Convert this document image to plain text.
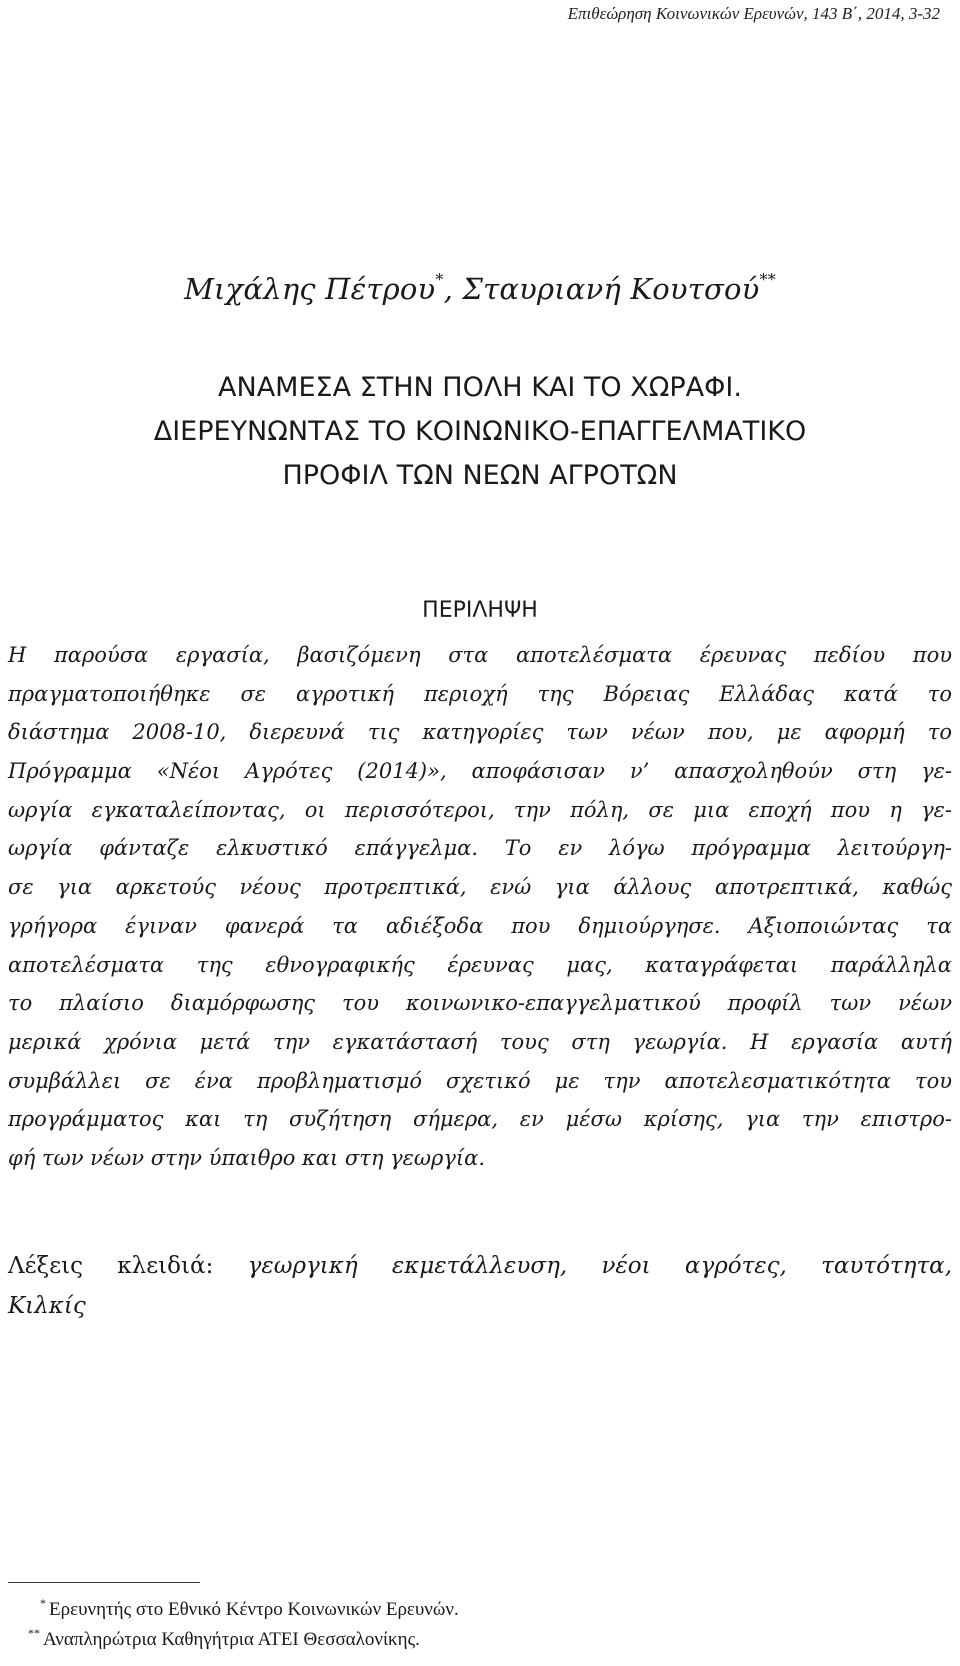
Επιθεώρηση Κοινωνικών Ερευνών, 143 Β΄, 2014, 3-32
Μιχάλης Πέτρου*, Σταυριανή Κουτσού**
ΑΝΑΜΕΣΑ ΣΤΗΝ ΠΟΛΗ ΚΑΙ ΤΟ ΧΩΡΑΦΙ.
ΔΙΕΡΕΥΝΩΝΤΑΣ ΤΟ ΚΟΙΝΩΝΙΚΟ-ΕΠΑΓΓΕΛΜΑΤΙΚΟ
ΠΡΟΦΙΛ ΤΩΝ ΝΕΩΝ ΑΓΡΟΤΩΝ
ΠΕΡΙΛΗΨΗ
Η παρούσα εργασία, βασιζόμενη στα αποτελέσματα έρευνας πεδίου που
πραγματοποιήθηκε σε αγροτική περιοχή της Βόρειας Ελλάδας κατά το
διάστημα 2008-10, διερευνά τις κατηγορίες των νέων που, με αφορμή το
Πρόγραμμα «Νέοι Αγρότες (2014)», αποφάσισαν ν’ απασχοληθούν στη γε-
ωργία εγκαταλείποντας, οι περισσότεροι, την πόλη, σε μια εποχή που η γε-
ωργία φάνταζε ελκυστικό επάγγελμα. Το εν λόγω πρόγραμμα λειτούργη-
σε για αρκετούς νέους προτρεπτικά, ενώ για άλλους αποτρεπτικά, καθώς
γρήγορα έγιναν φανερά τα αδιέξοδα που δημιούργησε. Αξιοποιώντας τα
αποτελέσματα της εθνογραφικής έρευνας μας, καταγράφεται παράλληλα
το πλαίσιο διαμόρφωσης του κοινωνικο-επαγγελματικού προφίλ των νέων
μερικά χρόνια μετά την εγκατάστασή τους στη γεωργία. Η εργασία αυτή
συμβάλλει σε ένα προβληματισμό σχετικό με την αποτελεσματικότητα του
προγράμματος και τη συζήτηση σήμερα, εν μέσω κρίσης, για την επιστρο-
φή των νέων στην ύπαιθρο και στη γεωργία.
Λέξεις κλειδιά: γεωργική εκμετάλλευση, νέοι αγρότες, ταυτότητα,
Κιλκίς
* Ερευνητής στο Εθνικό Κέντρο Κοινωνικών Ερευνών.
** Αναπληρώτρια Καθηγήτρια ΑΤΕΙ Θεσσαλονίκης.
